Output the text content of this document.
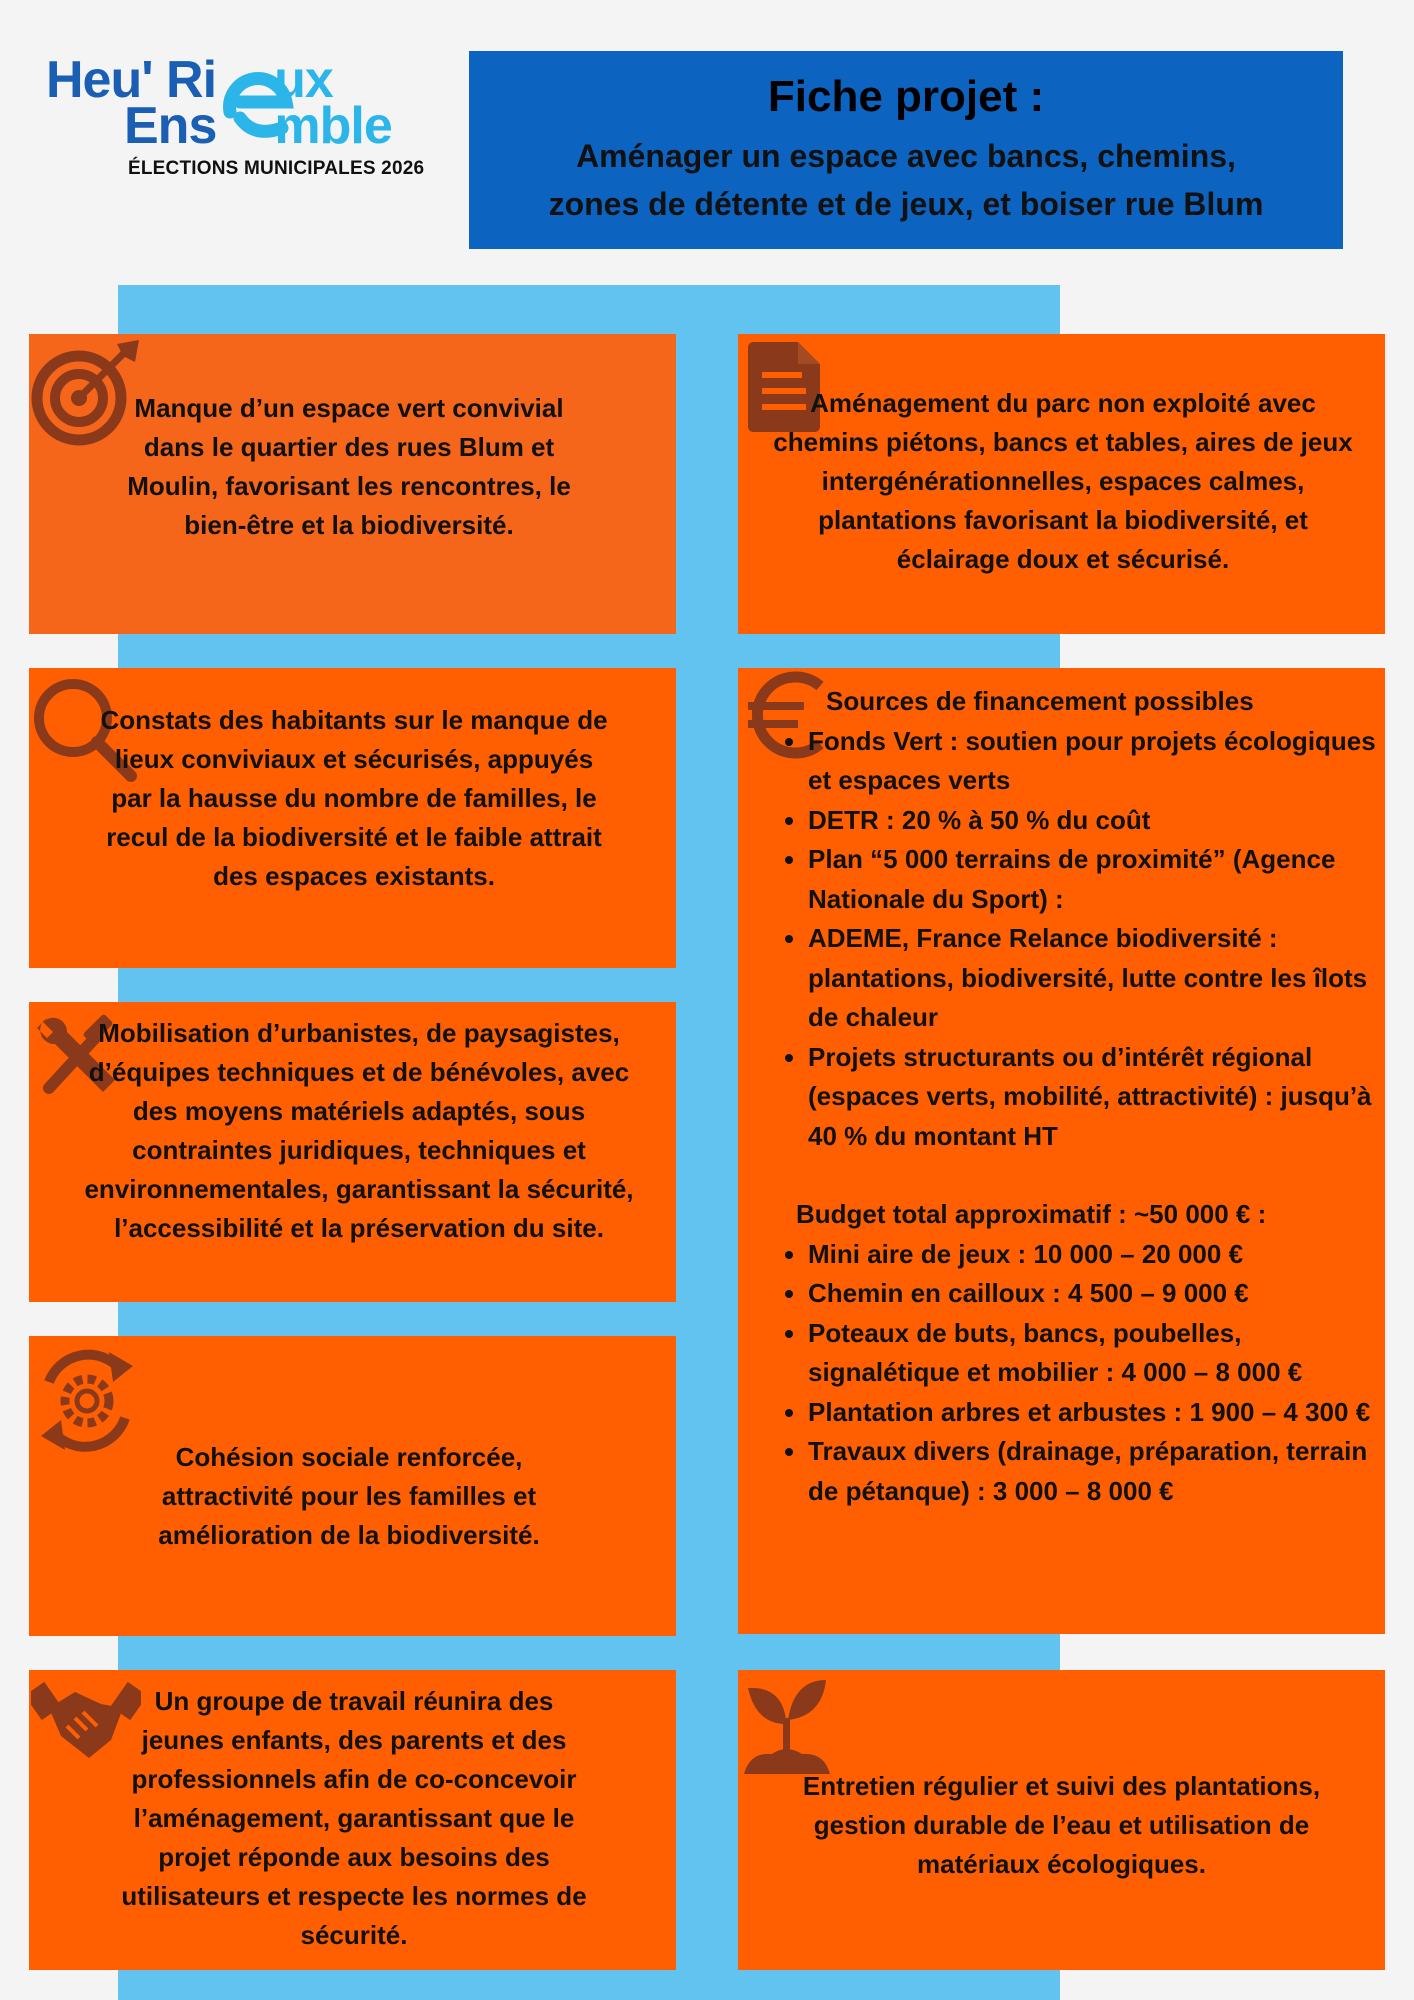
Heu' Ri ux
Ens mble
ÉLECTIONS MUNICIPALES 2026
Fiche projet :
Aménager un espace avec bancs, chemins,
zones de détente et de jeux, et boiser rue Blum
Manque d’un espace vert convivial dans le quartier des rues Blum et Moulin, favorisant les rencontres, le bien-être et la biodiversité.
Aménagement du parc non exploité avec chemins piétons, bancs et tables, aires de jeux intergénérationnelles, espaces calmes, plantations favorisant la biodiversité, et éclairage doux et sécurisé.
Constats des habitants sur le manque de lieux conviviaux et sécurisés, appuyés par la hausse du nombre de familles, le recul de la biodiversité et le faible attrait des espaces existants.
Sources de financement possibles
• Fonds Vert : soutien pour projets écologiques et espaces verts
• DETR : 20 % à 50 % du coût
• Plan “5 000 terrains de proximité” (Agence Nationale du Sport) :
• ADEME, France Relance biodiversité : plantations, biodiversité, lutte contre les îlots de chaleur
• Projets structurants ou d’intérêt régional (espaces verts, mobilité, attractivité) : jusqu’à 40 % du montant HT
Budget total approximatif : ~50 000 € :
• Mini aire de jeux : 10 000 – 20 000 €
• Chemin en cailloux : 4 500 – 9 000 €
• Poteaux de buts, bancs, poubelles, signalétique et mobilier : 4 000 – 8 000 €
• Plantation arbres et arbustes : 1 900 – 4 300 €
• Travaux divers (drainage, préparation, terrain de pétanque) : 3 000 – 8 000 €
Mobilisation d’urbanistes, de paysagistes, d’équipes techniques et de bénévoles, avec des moyens matériels adaptés, sous contraintes juridiques, techniques et environnementales, garantissant la sécurité, l’accessibilité et la préservation du site.
Cohésion sociale renforcée, attractivité pour les familles et amélioration de la biodiversité.
Un groupe de travail réunira des jeunes enfants, des parents et des professionnels afin de co-concevoir l’aménagement, garantissant que le projet réponde aux besoins des utilisateurs et respecte les normes de sécurité.
Entretien régulier et suivi des plantations, gestion durable de l’eau et utilisation de matériaux écologiques.
